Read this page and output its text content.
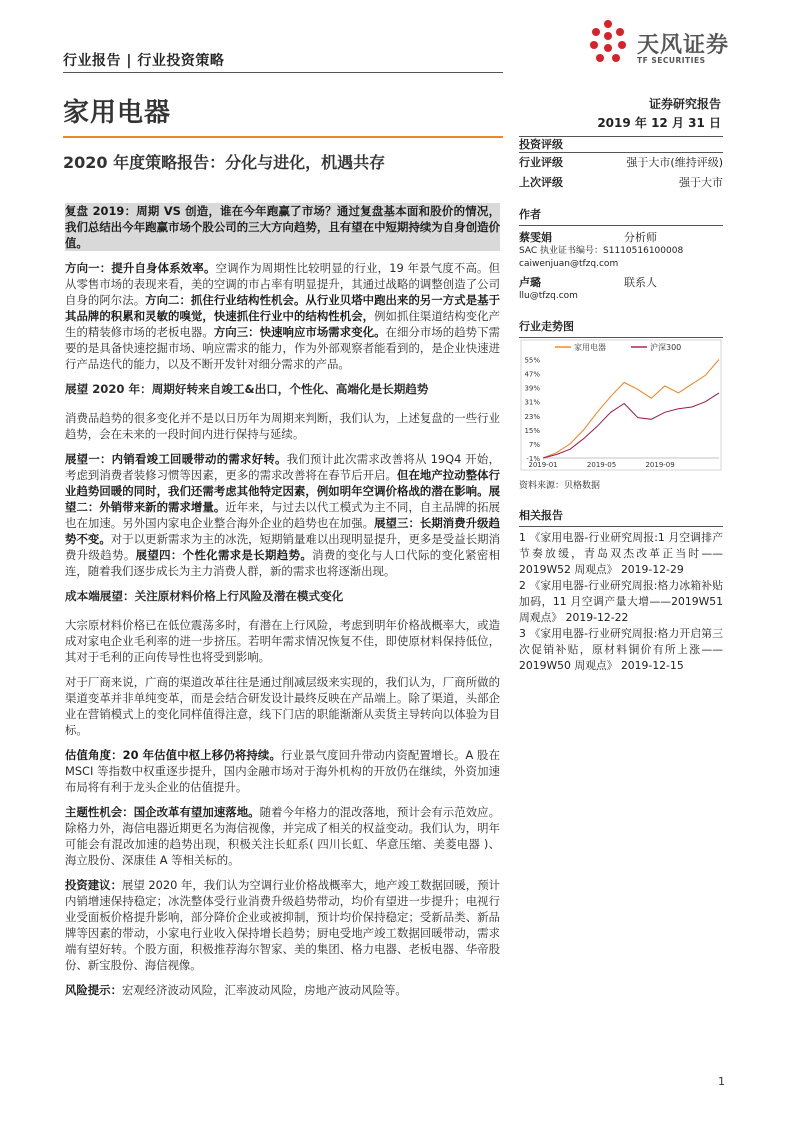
行业报告 | 行业投资策略
天风证券
TF SECURITIES
家用电器	证券研究报告
2019 年 12 月 31 日
2020 年度策略报告：分化与进化，机遇共存
投资评级
行业评级	强于大市(维持评级)
上次评级	强于大市
作者
蔡雯娟	分析师
SAC 执业证书编号：S1110516100008
caiwenjuan@tfzq.com
卢璐	联系人
llu@tfzq.com
行业走势图
55%
47%
39%
31%
23%
15%
7%
-1%
2019-01	2019-05	2019-09
家用电器	沪深300
资料来源：贝格数据
相关报告
1 《家用电器-行业研究周报:1 月空调排产节奏放缓，青岛双杰改革正当时——2019W52 周观点》 2019-12-29
2 《家用电器-行业研究周报:格力冰箱补贴加码，11 月空调产量大增——2019W51 周观点》 2019-12-22
3 《家用电器-行业研究周报:格力开启第三次促销补贴，原材料铜价有所上涨——2019W50 周观点》 2019-12-15
复盘 2019：周期 VS 创造，谁在今年跑赢了市场？通过复盘基本面和股价的情况，我们总结出今年跑赢市场个股公司的三大方向趋势，且有望在中短期持续为自身创造价值。
方向一：提升自身体系效率。空调作为周期性比较明显的行业，19 年景气度不高。但从零售市场的表现来看，美的空调的市占率有明显提升，其通过战略的调整创造了公司自身的阿尔法。方向二：抓住行业结构性机会。从行业贝塔中跑出来的另一方式是基于其品牌的积累和灵敏的嗅觉，快速抓住行业中的结构性机会，例如抓住渠道结构变化产生的精装修市场的老板电器。方向三：快速响应市场需求变化。在细分市场的趋势下需要的是具备快速挖掘市场、响应需求的能力，作为外部观察者能看到的，是企业快速进行产品迭代的能力，以及不断开发针对细分需求的产品。
展望 2020 年：周期好转来自竣工&出口，个性化、高端化是长期趋势
消费品趋势的很多变化并不是以日历年为周期来判断，我们认为，上述复盘的一些行业趋势，会在未来的一段时间内进行保持与延续。
展望一：内销看竣工回暖带动的需求好转。我们预计此次需求改善将从 19Q4 开始，考虑到消费者装修习惯等因素，更多的需求改善将在春节后开启。但在地产拉动整体行业趋势回暖的同时，我们还需考虑其他特定因素，例如明年空调价格战的潜在影响。展望二：外销带来新的需求增量。近年来，与过去以代工模式为主不同，自主品牌的拓展也在加速。另外国内家电企业整合海外企业的趋势也在加强。展望三：长期消费升级趋势不变。对于以更新需求为主的冰洗，短期销量难以出现明显提升，更多是受益长期消费升级趋势。展望四：个性化需求是长期趋势。消费的变化与人口代际的变化紧密相连，随着我们逐步成长为主力消费人群，新的需求也将逐渐出现。
成本端展望：关注原材料价格上行风险及潜在模式变化
大宗原材料价格已在低位震荡多时，有潜在上行风险，考虑到明年价格战概率大，或造成对家电企业毛利率的进一步挤压。若明年需求情况恢复不佳，即使原材料保持低位，其对于毛利的正向传导性也将受到影响。
对于厂商来说，广商的渠道改革往往是通过削减层级来实现的，我们认为，厂商所做的渠道变革并非单纯变革，而是会结合研发设计最终反映在产品端上。除了渠道，头部企业在营销模式上的变化同样值得注意，线下门店的职能渐渐从卖货主导转向以体验为目标。
估值角度：20 年估值中枢上移仍将持续。行业景气度回升带动内资配置增长。A 股在 MSCI 等指数中权重逐步提升，国内金融市场对于海外机构的开放仍在继续，外资加速布局将有利于龙头企业的估值提升。
主题性机会：国企改革有望加速落地。随着今年格力的混改落地，预计会有示范效应。除格力外，海信电器近期更名为海信视像，并完成了相关的权益变动。我们认为，明年可能会有混改加速的趋势出现，积极关注长虹系( 四川长虹、华意压缩、美菱电器 )、海立股份、深康佳 A 等相关标的。
投资建议：展望 2020 年，我们认为空调行业价格战概率大，地产竣工数据回暖，预计内销增速保持稳定；冰洗整体受行业消费升级趋势带动，均价有望进一步提升；电视行业受面板价格提升影响，部分降价企业或被抑制，预计均价保持稳定；受新品类、新品牌等因素的带动，小家电行业收入保持增长趋势；厨电受地产竣工数据回暖带动，需求端有望好转。个股方面，积极推荐海尔智家、美的集团、格力电器、老板电器、华帝股份、新宝股份、海信视像。
风险提示：宏观经济波动风险，汇率波动风险，房地产波动风险等。
1
